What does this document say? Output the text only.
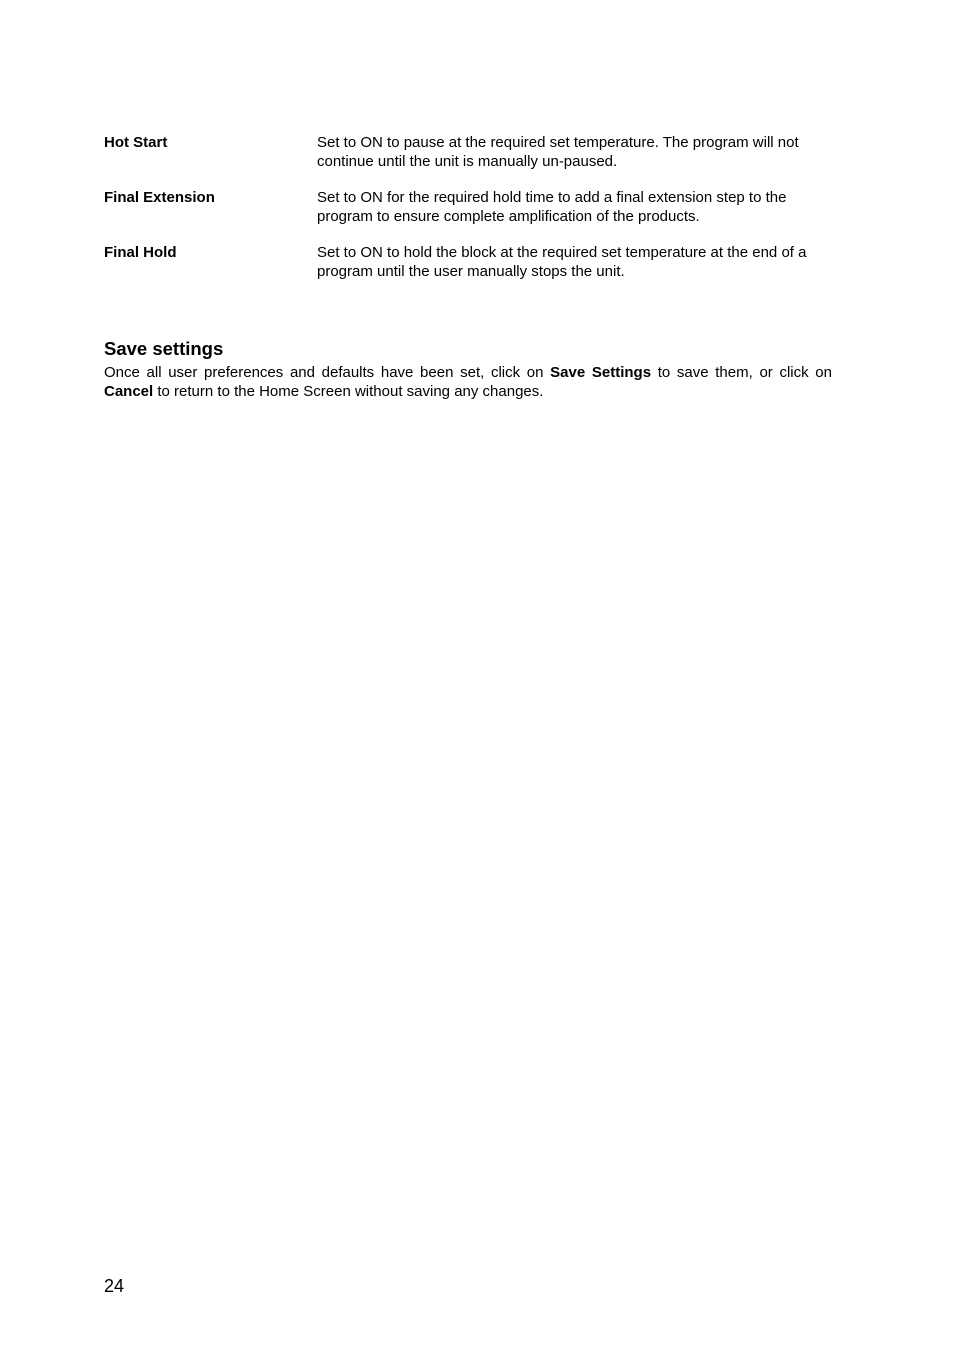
Hot Start	Set to ON to pause at the required set temperature. The program will not continue until the unit is manually un-paused.
Final Extension	Set to ON for the required hold time to add a final extension step to the program to ensure complete amplification of the products.
Final Hold	Set to ON to hold the block at the required set temperature at the end of a program until the user manually stops the unit.
Save settings

Once all user preferences and defaults have been set, click on Save Settings to save them, or click on Cancel to return to the Home Screen without saving any changes.

24
